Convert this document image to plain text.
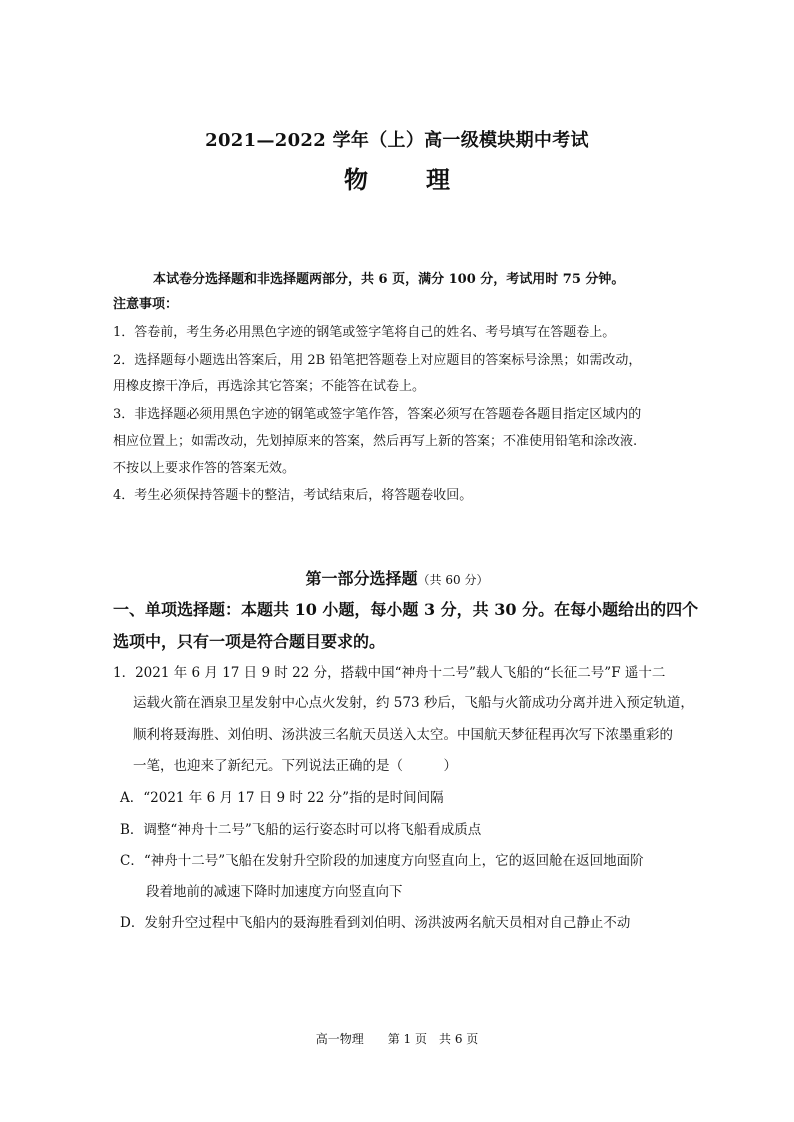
2021—2022 学年（上）高一级模块期中考试
物 理
本试卷分选择题和非选择题两部分，共 6 页，满分 100 分，考试用时 75 分钟。
注意事项：
1．答卷前，考生务必用黑色字迹的钢笔或签字笔将自己的姓名、考号填写在答题卷上。
2．选择题每小题选出答案后，用 2B 铅笔把答题卷上对应题目的答案标号涂黑；如需改动，
用橡皮擦干净后，再选涂其它答案；不能答在试卷上。
3．非选择题必须用黑色字迹的钢笔或签字笔作答，答案必须写在答题卷各题目指定区域内的
相应位置上；如需改动，先划掉原来的答案，然后再写上新的答案；不准使用铅笔和涂改液.
不按以上要求作答的答案无效。
4．考生必须保持答题卡的整洁，考试结束后，将答题卷收回。
第一部分选择题（共 60 分）
一、单项选择题：本题共 10 小题，每小题 3 分，共 30 分。在每小题给出的四个
选项中，只有一项是符合题目要求的。
1．2021 年 6 月 17 日 9 时 22 分，搭载中国“神舟十二号”载人飞船的“长征二号”F 遥十二
运载火箭在酒泉卫星发射中心点火发射，约 573 秒后，飞船与火箭成功分离并进入预定轨道，
顺利将聂海胜、刘伯明、汤洪波三名航天员送入太空。中国航天梦征程再次写下浓墨重彩的
一笔，也迎来了新纪元。下列说法正确的是（　　　）
A．“2021 年 6 月 17 日 9 时 22 分”指的是时间间隔
B．调整“神舟十二号”飞船的运行姿态时可以将飞船看成质点
C．“神舟十二号”飞船在发射升空阶段的加速度方向竖直向上，它的返回舱在返回地面阶
段着地前的减速下降时加速度方向竖直向下
D．发射升空过程中飞船内的聂海胜看到刘伯明、汤洪波两名航天员相对自己静止不动
高一物理 第 1 页 共 6 页
